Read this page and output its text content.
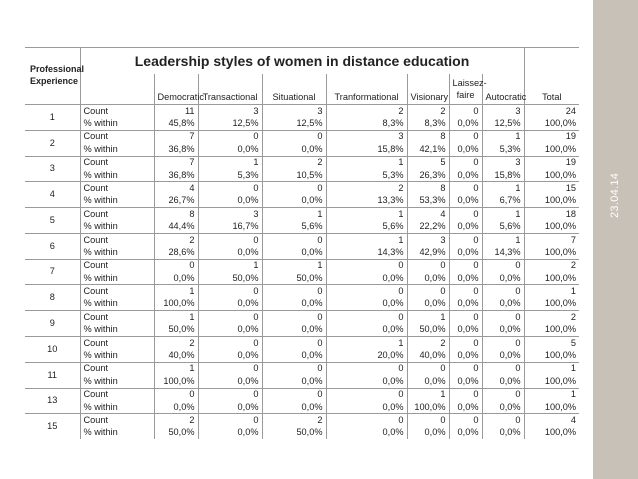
23.04.14
Professional Experience	Leadership styles of women in distance education								Total
		Democratic	Transactional	Situational	Tranformational	Visionary	Laissez-faire	Autocratic	
1	Count	11	3	3	2	2	0	3	24
	% within	45,8%	12,5%	12,5%	8,3%	8,3%	0,0%	12,5%	100,0%
2	Count	7	0	0	3	8	0	1	19
	% within	36,8%	0,0%	0,0%	15,8%	42,1%	0,0%	5,3%	100,0%
3	Count	7	1	2	1	5	0	3	19
	% within	36,8%	5,3%	10,5%	5,3%	26,3%	0,0%	15,8%	100,0%
4	Count	4	0	0	2	8	0	1	15
	% within	26,7%	0,0%	0,0%	13,3%	53,3%	0,0%	6,7%	100,0%
5	Count	8	3	1	1	4	0	1	18
	% within	44,4%	16,7%	5,6%	5,6%	22,2%	0,0%	5,6%	100,0%
6	Count	2	0	0	1	3	0	1	7
	% within	28,6%	0,0%	0,0%	14,3%	42,9%	0,0%	14,3%	100,0%
7	Count	0	1	1	0	0	0	0	2
	% within	0,0%	50,0%	50,0%	0,0%	0,0%	0,0%	0,0%	100,0%
8	Count	1	0	0	0	0	0	0	1
	% within	100,0%	0,0%	0,0%	0,0%	0,0%	0,0%	0,0%	100,0%
9	Count	1	0	0	0	1	0	0	2
	% within	50,0%	0,0%	0,0%	0,0%	50,0%	0,0%	0,0%	100,0%
10	Count	2	0	0	1	2	0	0	5
	% within	40,0%	0,0%	0,0%	20,0%	40,0%	0,0%	0,0%	100,0%
11	Count	1	0	0	0	0	0	0	1
	% within	100,0%	0,0%	0,0%	0,0%	0,0%	0,0%	0,0%	100,0%
13	Count	0	0	0	0	1	0	0	1
	% within	0,0%	0,0%	0,0%	0,0%	100,0%	0,0%	0,0%	100,0%
15	Count	2	0	2	0	0	0	0	4
	% within	50,0%	0,0%	50,0%	0,0%	0,0%	0,0%	0,0%	100,0%
